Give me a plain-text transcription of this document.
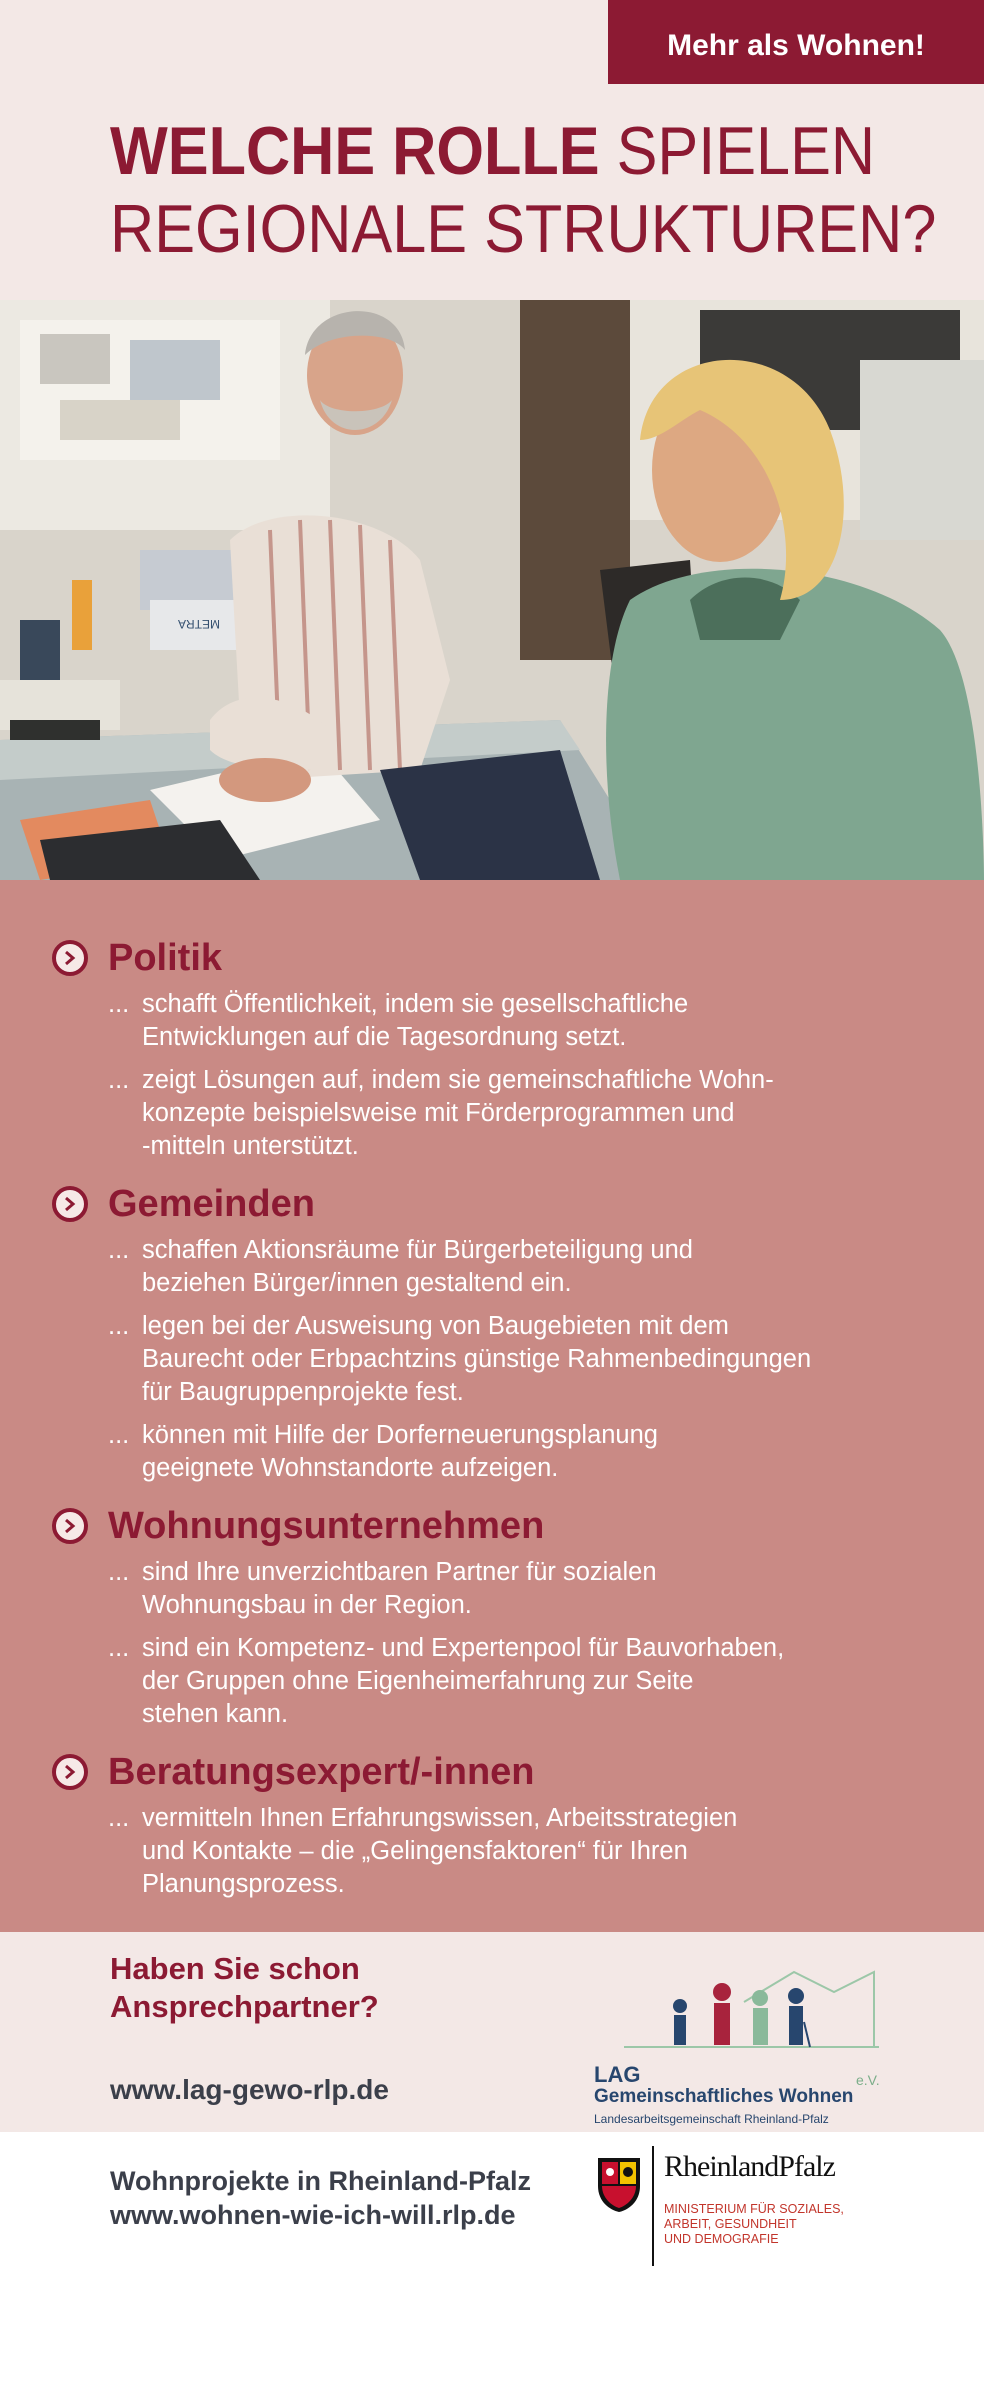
Mehr als Wohnen!
WELCHE ROLLE SPIELEN
REGIONALE STRUKTUREN?
METRA
Politik
... schafft Öffentlichkeit, indem sie gesellschaftliche
Entwicklungen auf die Tagesordnung setzt.
... zeigt Lösungen auf, indem sie gemeinschaftliche Wohn-
konzepte beispielsweise mit Förderprogrammen und
-mitteln unterstützt.
Gemeinden
... schaffen Aktionsräume für Bürgerbeteiligung und
beziehen Bürger/innen gestaltend ein.
... legen bei der Ausweisung von Baugebieten mit dem
Baurecht oder Erbpachtzins günstige Rahmenbedingungen
für Baugruppenprojekte fest.
... können mit Hilfe der Dorferneuerungsplanung
geeignete Wohnstandorte aufzeigen.
Wohnungsunternehmen
... sind Ihre unverzichtbaren Partner für sozialen
Wohnungsbau in der Region.
... sind ein Kompetenz- und Expertenpool für Bauvorhaben,
der Gruppen ohne Eigenheimerfahrung zur Seite
stehen kann.
Beratungsexpert/-innen
... vermitteln Ihnen Erfahrungswissen, Arbeitsstrategien
und Kontakte – die „Gelingensfaktoren“ für Ihren
Planungsprozess.
Haben Sie schon
Ansprechpartner?
www.lag-gewo-rlp.de	LAG	e.V.
Gemeinschaftliches Wohnen
Landesarbeitsgemeinschaft Rheinland-Pfalz
Wohnprojekte in Rheinland-Pfalz
www.wohnen-wie-ich-will.rlp.de
RheinlandPfalz
MINISTERIUM FÜR SOZIALES,
ARBEIT, GESUNDHEIT
UND DEMOGRAFIE
